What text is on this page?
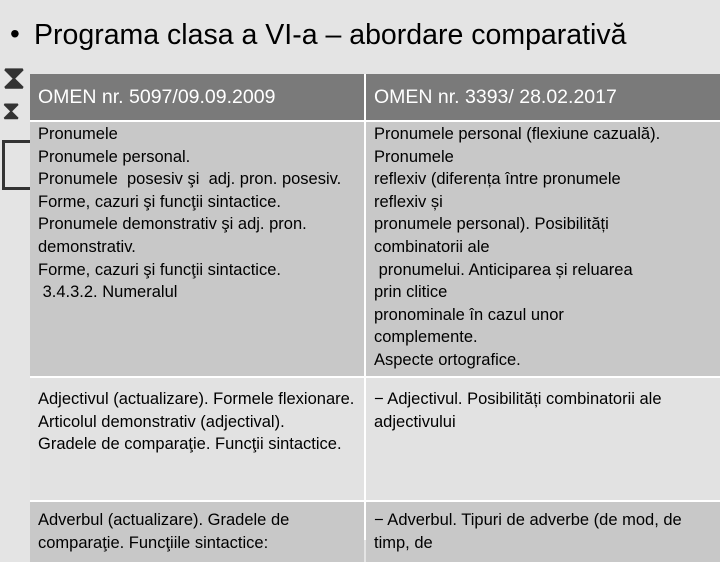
• Programa clasa a VI-a – abordare comparativă
⧗
⧗ OMEN nr. 5097/09.09.2009	OMEN nr. 3393/ 28.02.2017
Pronumele
Pronumele personal.
Pronumele  posesiv şi  adj. pron. posesiv.
Forme, cazuri şi funcţii sintactice.
Pronumele demonstrativ şi adj. pron. demonstrativ.
Forme, cazuri şi funcţii sintactice.
3.4.3.2. Numeralul
Pronumele personal (flexiune cazuală). Pronumele
reflexiv (diferența între pronumele
reflexiv și
pronumele personal). Posibilități
combinatorii ale
pronumelui. Anticiparea și reluarea
prin clitice
pronominale în cazul unor
complemente.
Aspecte ortografice.
Adjectivul (actualizare). Formele flexionare. Articolul demonstrativ (adjectival).
Gradele de comparaţie. Funcţii sintactice.
− Adjectivul. Posibilități combinatorii ale adjectivului
Adverbul (actualizare). Gradele de comparaţie. Funcţiile sintactice:
− Adverbul. Tipuri de adverbe (de mod, de timp, de
